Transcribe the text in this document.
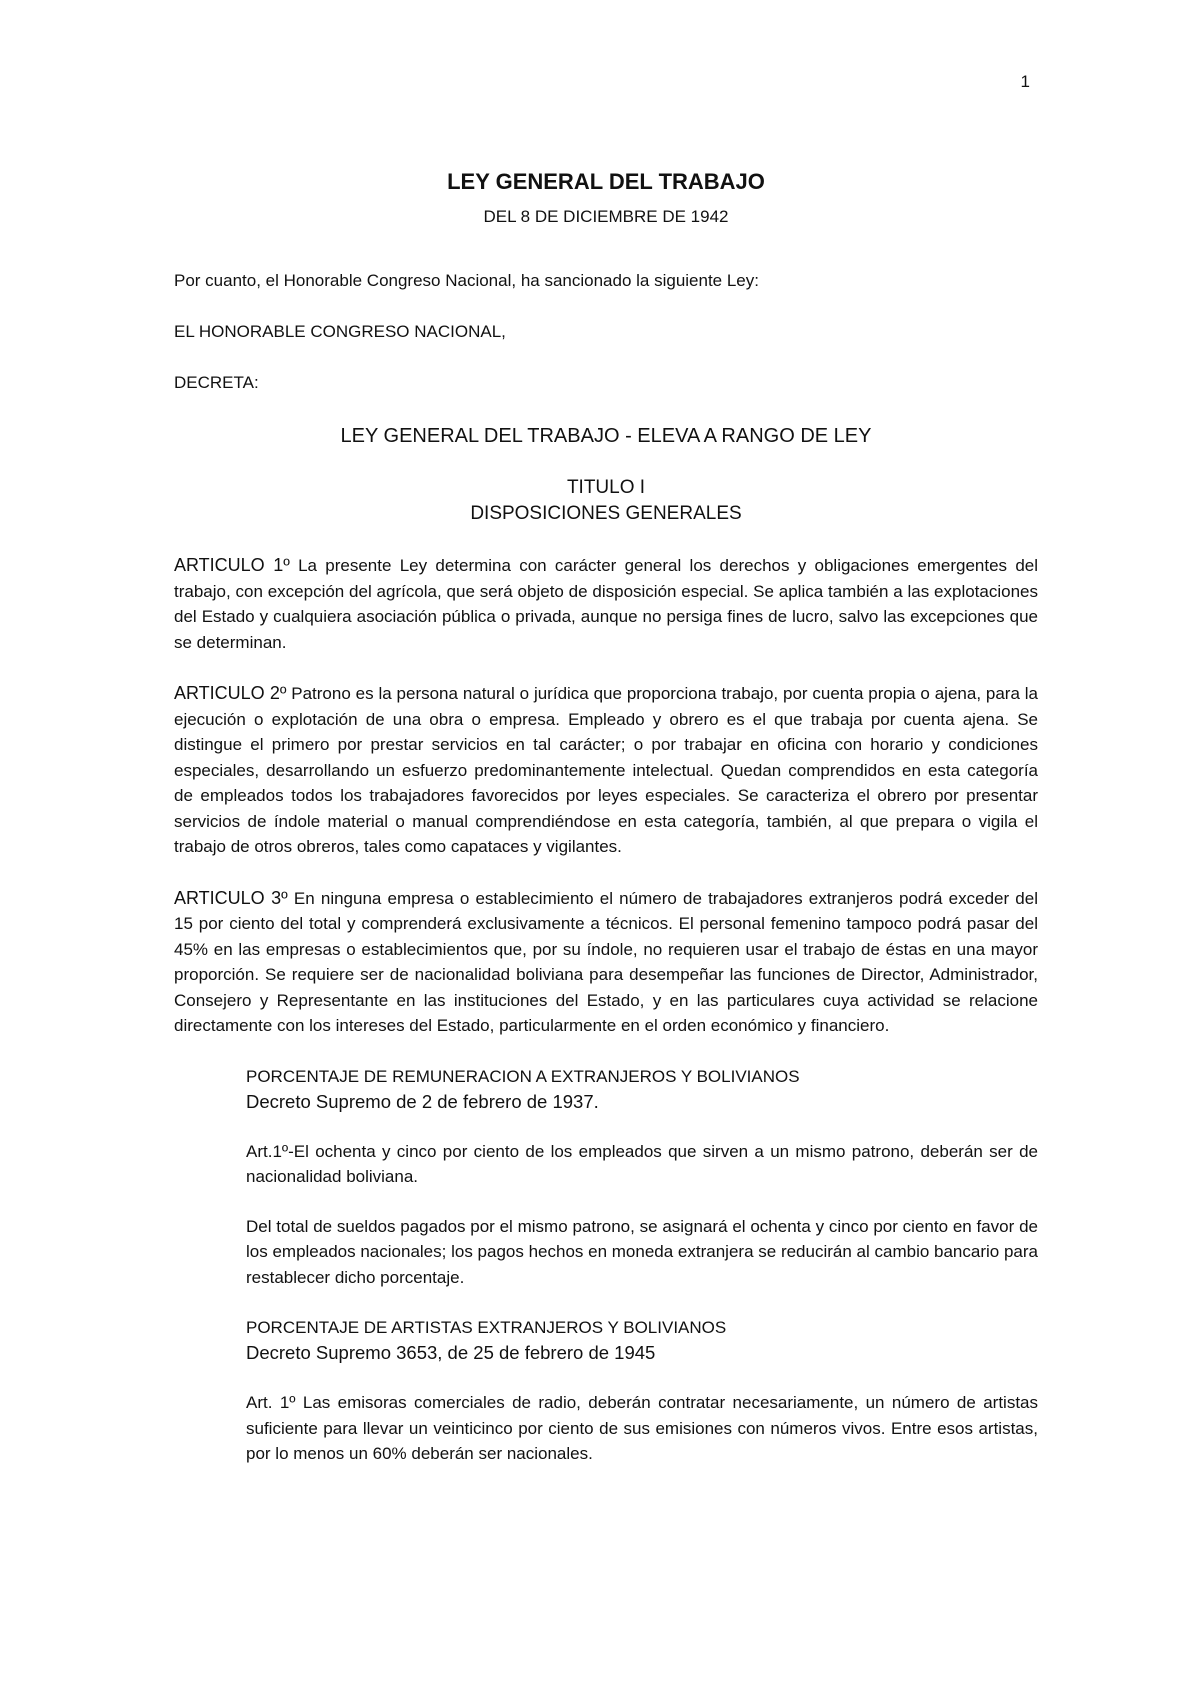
1
LEY GENERAL DEL TRABAJO

DEL 8 DE DICIEMBRE DE 1942

Por cuanto, el Honorable Congreso Nacional, ha sancionado la siguiente Ley:

EL HONORABLE CONGRESO NACIONAL,

DECRETA:

LEY GENERAL DEL TRABAJO - ELEVA A RANGO DE LEY

TITULO I
DISPOSICIONES GENERALES

ARTICULO 1º La presente Ley determina con carácter general los derechos y obligaciones emergentes del trabajo, con excepción del agrícola, que será objeto de disposición especial. Se aplica también a las explotaciones del Estado y cualquiera asociación pública o privada, aunque no persiga fines de lucro, salvo las excepciones que se determinan.

ARTICULO 2º Patrono es la persona natural o jurídica que proporciona trabajo, por cuenta propia o ajena, para la ejecución o explotación de una obra o empresa. Empleado y obrero es el que trabaja por cuenta ajena. Se distingue el primero por prestar servicios en tal carácter; o por trabajar en oficina con horario y condiciones especiales, desarrollando un esfuerzo predominantemente intelectual. Quedan comprendidos en esta categoría de empleados todos los trabajadores favorecidos por leyes especiales. Se caracteriza el obrero por presentar servicios de índole material o manual comprendiéndose en esta categoría, también, al que prepara o vigila el trabajo de otros obreros, tales como capataces y vigilantes.

ARTICULO 3º En ninguna empresa o establecimiento el número de trabajadores extranjeros podrá exceder del 15 por ciento del total y comprenderá exclusivamente a técnicos. El personal femenino tampoco podrá pasar del 45% en las empresas o establecimientos que, por su índole, no requieren usar el trabajo de éstas en una mayor proporción. Se requiere ser de nacionalidad boliviana para desempeñar las funciones de Director, Administrador, Consejero y Representante en las instituciones del Estado, y en las particulares cuya actividad se relacione directamente con los intereses del Estado, particularmente en el orden económico y financiero.

PORCENTAJE DE REMUNERACION A EXTRANJEROS Y BOLIVIANOS

Decreto Supremo de 2 de febrero de 1937.

Art.1º-El ochenta y cinco por ciento de los empleados que sirven a un mismo patrono, deberán ser de nacionalidad boliviana.

Del total de sueldos pagados por el mismo patrono, se asignará el ochenta y cinco por ciento en favor de los empleados nacionales; los pagos hechos en moneda extranjera se reducirán al cambio bancario para restablecer dicho porcentaje.

PORCENTAJE DE ARTISTAS EXTRANJEROS Y BOLIVIANOS

Decreto Supremo 3653, de 25 de febrero de 1945

Art. 1º Las emisoras comerciales de radio, deberán contratar necesariamente, un número de artistas suficiente para llevar un veinticinco por ciento de sus emisiones con números vivos. Entre esos artistas, por lo menos un 60% deberán ser nacionales.
